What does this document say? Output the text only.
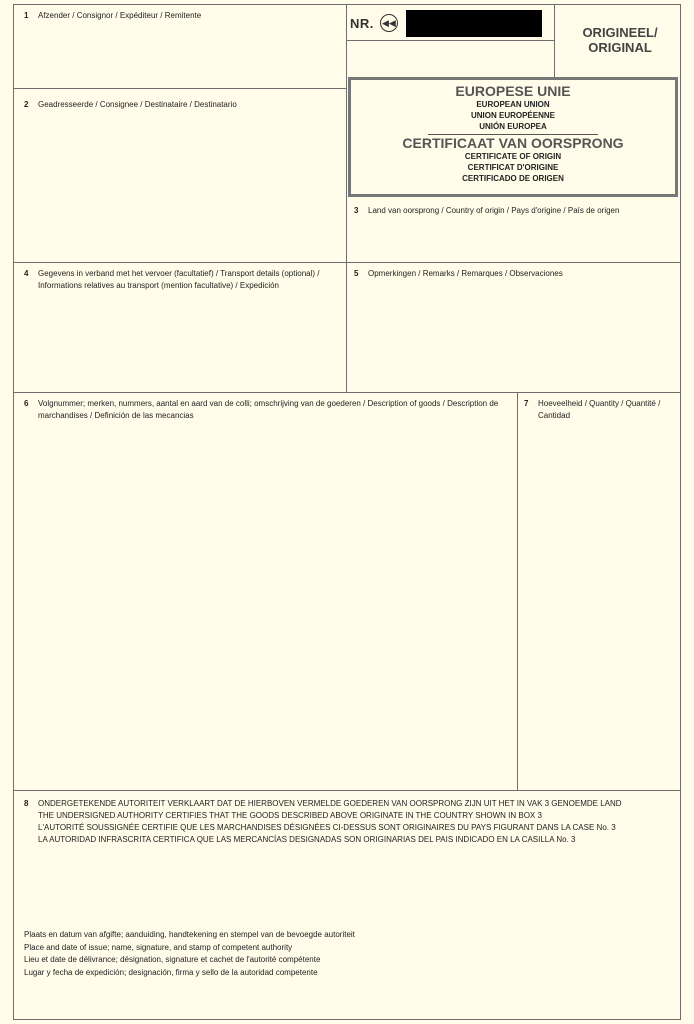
NR. ◀◀
ORIGINEEL/
ORIGINAL
EUROPESE UNIE
EUROPEAN UNION
UNION EUROPÉENNE
UNIÓN EUROPEA
CERTIFICAAT VAN OORSPRONG
CERTIFICATE OF ORIGIN
CERTIFICAT D'ORIGINE
CERTIFICADO DE ORIGEN
1 Afzender / Consignor / Expéditeur / Remitente
2 Geadresseerde / Consignee / Destinataire / Destinatario
3 Land van oorsprong / Country of origin / Pays d'origine / País de origen
4 Gegevens in verband met het vervoer (facultatief) / Transport details (optional) /
Informations relatives au transport (mention facultative) / Expedición
5 Opmerkingen / Remarks / Remarques / Observaciones
6 Volgnummer; merken, nummers, aantal en aard van de colli; omschrijving van de goederen / Description of goods / Description de
marchandises / Definición de las mecancias
7 Hoeveelheid / Quantity / Quantité /
Cantidad
8 ONDERGETEKENDE AUTORITEIT VERKLAART DAT DE HIERBOVEN VERMELDE GOEDEREN VAN OORSPRONG ZIJN UIT HET IN VAK 3 GENOEMDE LAND
THE UNDERSIGNED AUTHORITY CERTIFIES THAT THE GOODS DESCRIBED ABOVE ORIGINATE IN THE COUNTRY SHOWN IN BOX 3
L'AUTORITÉ SOUSSIGNÉE CERTIFIE QUE LES MARCHANDISES DÉSIGNÉES CI-DESSUS SONT ORIGINAIRES DU PAYS FIGURANT DANS LA CASE No. 3
LA AUTORIDAD INFRASCRITA CERTIFICA QUE LAS MERCANCÍAS DESIGNADAS SON ORIGINARIAS DEL PAIS INDICADO EN LA CASILLA No. 3
Plaats en datum van afgifte; aanduiding, handtekening en stempel van de bevoegde autoriteit
Place and date of issue; name, signature, and stamp of competent authority
Lieu et date de délivrance; désignation, signature et cachet de l'autorité compétente
Lugar y fecha de expedición; designación, firma y sello de la autoridad competente
